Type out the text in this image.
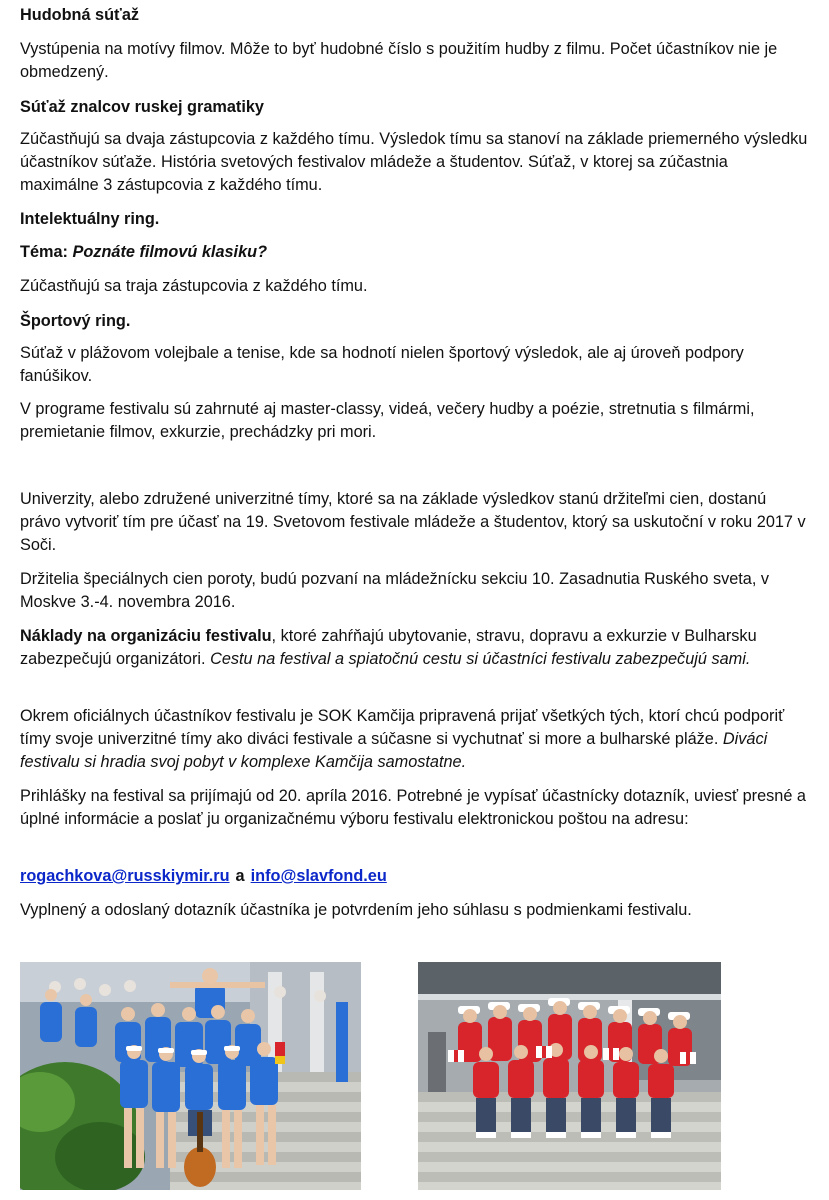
Hudobná súťaž

Vystúpenia na motívy filmov. Môže to byť hudobné číslo s použitím hudby z filmu. Počet účastníkov nie je obmedzený.

Súťaž znalcov ruskej gramatiky

Zúčastňujú sa dvaja zástupcovia z každého tímu. Výsledok tímu sa stanoví na základe priemerného výsledku účastníkov súťaže. História svetových festivalov mládeže a študentov. Súťaž, v ktorej sa zúčastnia maximálne 3 zástupcovia z každého tímu.

Intelektuálny ring.

Téma: Poznáte filmovú klasiku?

Zúčastňujú sa traja zástupcovia z každého tímu.

Športový ring.

Súťaž v plážovom volejbale a tenise, kde sa hodnotí nielen športový výsledok, ale aj úroveň podpory fanúšikov.

V programe festivalu sú zahrnuté aj master-classy, videá, večery hudby a poézie, stretnutia s filmármi, premietanie filmov, exkurzie, prechádzky pri mori.

Univerzity, alebo združené univerzitné tímy, ktoré sa na základe výsledkov stanú držiteľmi cien, dostanú právo vytvoriť tím pre účasť na 19. Svetovom festivale mládeže a študentov, ktorý sa uskutoční v roku 2017 v Soči.

Držitelia špeciálnych cien poroty, budú pozvaní na mládežnícku sekciu 10. Zasadnutia Ruského sveta, v Moskve 3.-4. novembra 2016.

Náklady na organizáciu festivalu, ktoré zahŕňajú ubytovanie, stravu, dopravu a exkurzie v Bulharsku zabezpečujú organizátori. Cestu na festival a spiatočnú cestu si účastníci festivalu zabezpečujú sami.

Okrem oficiálnych účastníkov festivalu je SOK Kamčija pripravená prijať všetkých tých, ktorí chcú podporiť tímy svoje univerzitné tímy ako diváci festivale a súčasne si vychutnať si more a bulharské pláže. Diváci festivalu si hradia svoj pobyt v komplexe Kamčija samostatne.

Prihlášky na festival sa prijímajú od 20. apríla 2016. Potrebné je vypísať účastnícky dotazník, uviesť presné a úplné informácie a poslať ju organizačnému výboru festivalu elektronickou poštou na adresu:

rogachkova@russkiymir.ru a info@slavfond.eu

Vyplnený a odoslaný dotazník účastníka je potvrdením jeho súhlasu s podmienkami festivalu.
